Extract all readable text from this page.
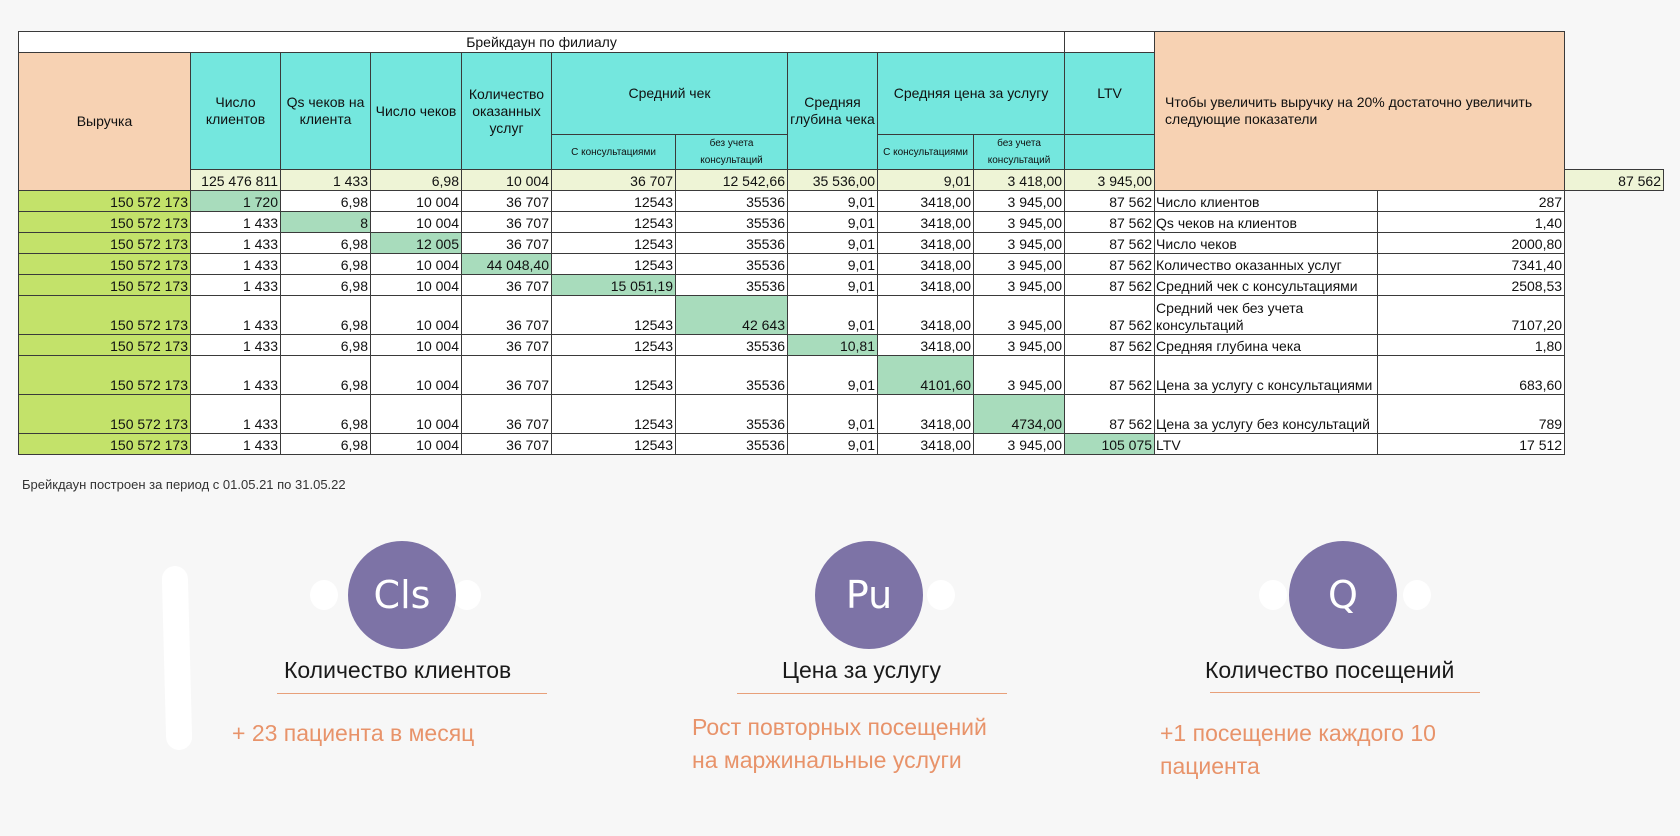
Брейкдаун по филиалу											Чтобы увеличить выручку на 20% достаточно увеличить следующие показатели		
Выручка	Число клиентов	Qs чеков на клиента	Число чеков	Количество оказанных услуг	Средний чек		Средняя глубина чека	Средняя цена за услугу		LTV			
					С консультациями	без учета консультаций		С консультациями	без учета консультаций				
	125 476 811	1 433	6,98	10 004	36 707	12 542,66	35 536,00	9,01	3 418,00	3 945,00			87 562
150 572 173	1 720	6,98	10 004	36 707	12543	35536	9,01	3418,00	3 945,00	87 562	Число клиентов	287	
150 572 173	1 433	8	10 004	36 707	12543	35536	9,01	3418,00	3 945,00	87 562	Qs чеков на клиентов	1,40	
150 572 173	1 433	6,98	12 005	36 707	12543	35536	9,01	3418,00	3 945,00	87 562	Число чеков	2000,80	
150 572 173	1 433	6,98	10 004	44 048,40	12543	35536	9,01	3418,00	3 945,00	87 562	Количество оказанных услуг	7341,40	
150 572 173	1 433	6,98	10 004	36 707	15 051,19	35536	9,01	3418,00	3 945,00	87 562	Средний чек с консультациями	2508,53	
150 572 173	1 433	6,98	10 004	36 707	12543	42 643	9,01	3418,00	3 945,00	87 562	Средний чек без учета консультаций	7107,20	
150 572 173	1 433	6,98	10 004	36 707	12543	35536	10,81	3418,00	3 945,00	87 562	Средняя глубина чека	1,80	
150 572 173	1 433	6,98	10 004	36 707	12543	35536	9,01	4101,60	3 945,00	87 562	Цена за услугу с консультациями	683,60	
150 572 173	1 433	6,98	10 004	36 707	12543	35536	9,01	3418,00	4734,00	87 562	Цена за услугу без консультаций	789	
150 572 173	1 433	6,98	10 004	36 707	12543	35536	9,01	3418,00	3 945,00	105 075	LTV	17 512	
Брейкдаун построен за период с 01.05.21 по 31.05.22
Cls
Количество клиентов
+ 23 пациента в месяц
Pu
Цена за услугу
Рост повторных посещений
на маржинальные услуги
Q
Количество посещений
+1 посещение каждого 10
пациента
